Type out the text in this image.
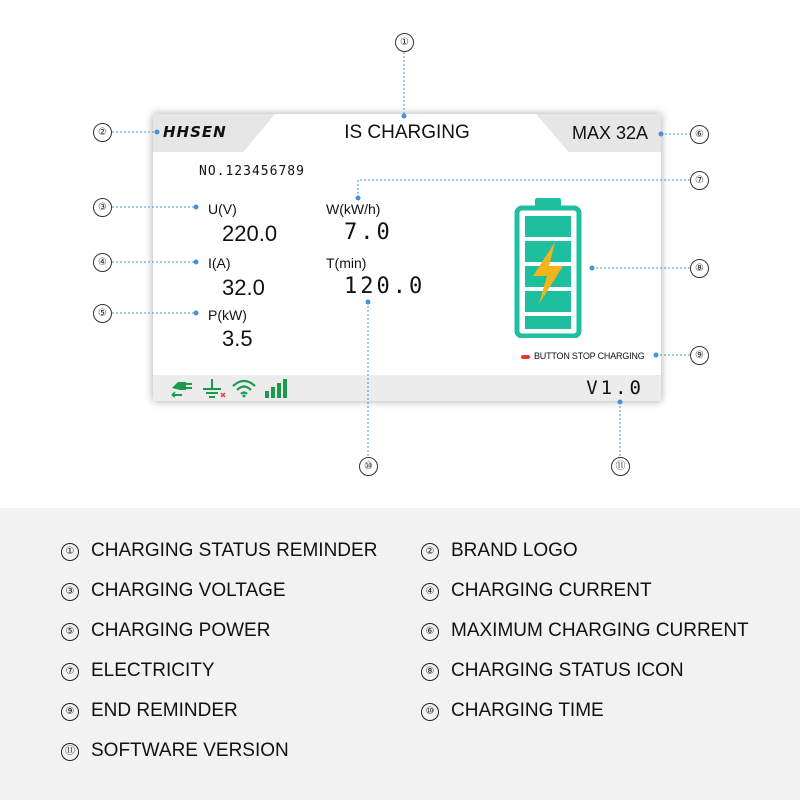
HHSEN	IS CHARGING	MAX 32A
NO.123456789
U(V)
220.0
I(A)
32.0
P(kW)
3.5
W(kW/h)
7.0
T(min)
120.0
BUTTON STOP CHARGING
V1.0
①
②
③
④
⑤
⑥
⑦
⑧
⑨
⑩	⑪
① CHARGING STATUS REMINDER	② BRAND LOGO
③ CHARGING VOLTAGE	④ CHARGING CURRENT
⑤ CHARGING POWER	⑥ MAXIMUM CHARGING CURRENT
⑦ ELECTRICITY	⑧ CHARGING STATUS ICON
⑨ END REMINDER	⑩ CHARGING TIME
⑪ SOFTWARE VERSION
